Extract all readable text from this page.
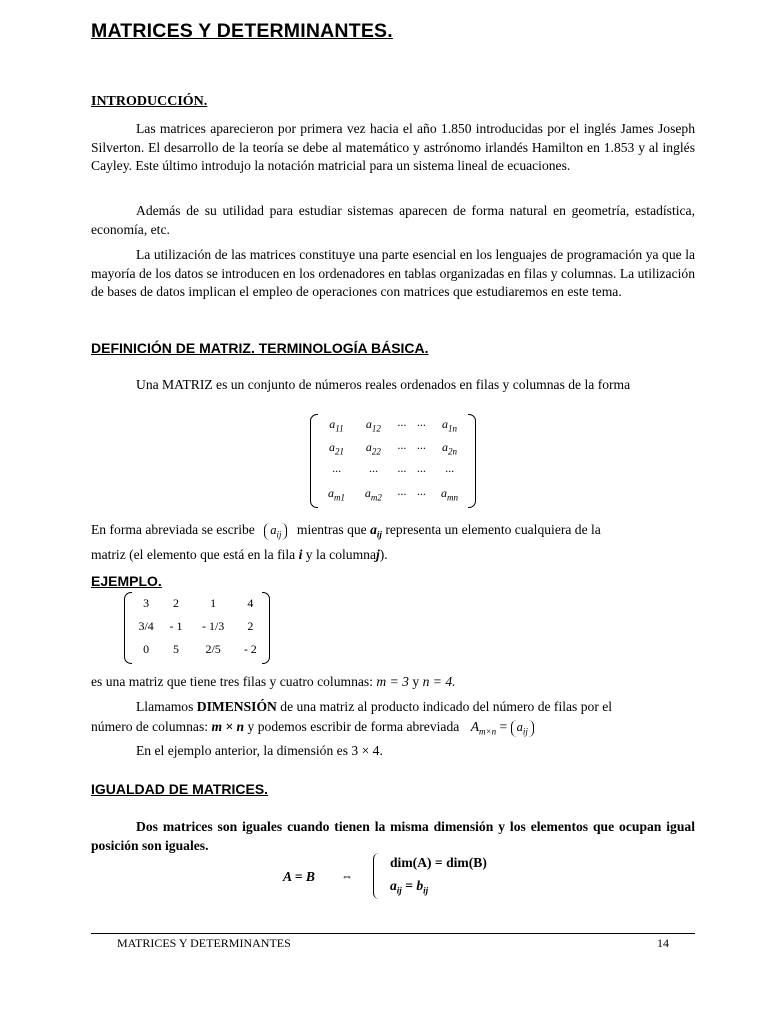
MATRICES Y DETERMINANTES.
INTRODUCCIÓN.

Las matrices aparecieron por primera vez hacia el año 1.850 introducidas por el inglés James Joseph Silverton. El desarrollo de la teoría se debe al matemático y astrónomo irlandés Hamilton en 1.853 y al inglés Cayley. Este último introdujo la notación matricial para un sistema lineal de ecuaciones.

Además de su utilidad para estudiar sistemas aparecen de forma natural en geometría, estadística, economía, etc.

La utilización de las matrices constituye una parte esencial en los lenguajes de programación ya que la mayoría de los datos se introducen en los ordenadores en tablas organizadas en filas y columnas. La utilización de bases de datos implican el empleo de operaciones con matrices que estudiaremos en este tema.

DEFINICIÓN DE MATRIZ. TERMINOLOGÍA BÁSICA.

Una MATRIZ es un conjunto de números reales ordenados en filas y columnas de la forma

$a_{11}$	$a_{12}$	···	···	$a_{1n}$
$a_{21}$	$a_{22}$	···	···	$a_{2n}$
···	···	···	···	···
$a_{m1}$	$a_{m2}$	···	···	$a_{mn}$
En forma abreviada se escribe $a_{ij}$ mientras que $a_{ij}$ representa un elemento cualquiera de la
matriz (el elemento que está en la fila i y la columnaj).
EJEMPLO.
3	2	1	4
3/4	- 1	- 1/3	2
0	5	2/5	- 2
es una matriz que tiene tres filas y cuatro columnas: m = 3 y n = 4.
Llamamos DIMENSIÓN de una matriz al producto indicado del número de filas por el
número de columnas: m × n y podemos escribir de forma abreviada $A_{m\times n} = a_{ij}$
En el ejemplo anterior, la dimensión es 3 × 4.
IGUALDAD DE MATRICES.

Dos matrices son iguales cuando tienen la misma dimensión y los elementos que ocupan igual posición son iguales.

A = B ⇔
dim(A) = dim(B)
$a_{ij} = b_{ij}$
MATRICES Y DETERMINANTES	14
